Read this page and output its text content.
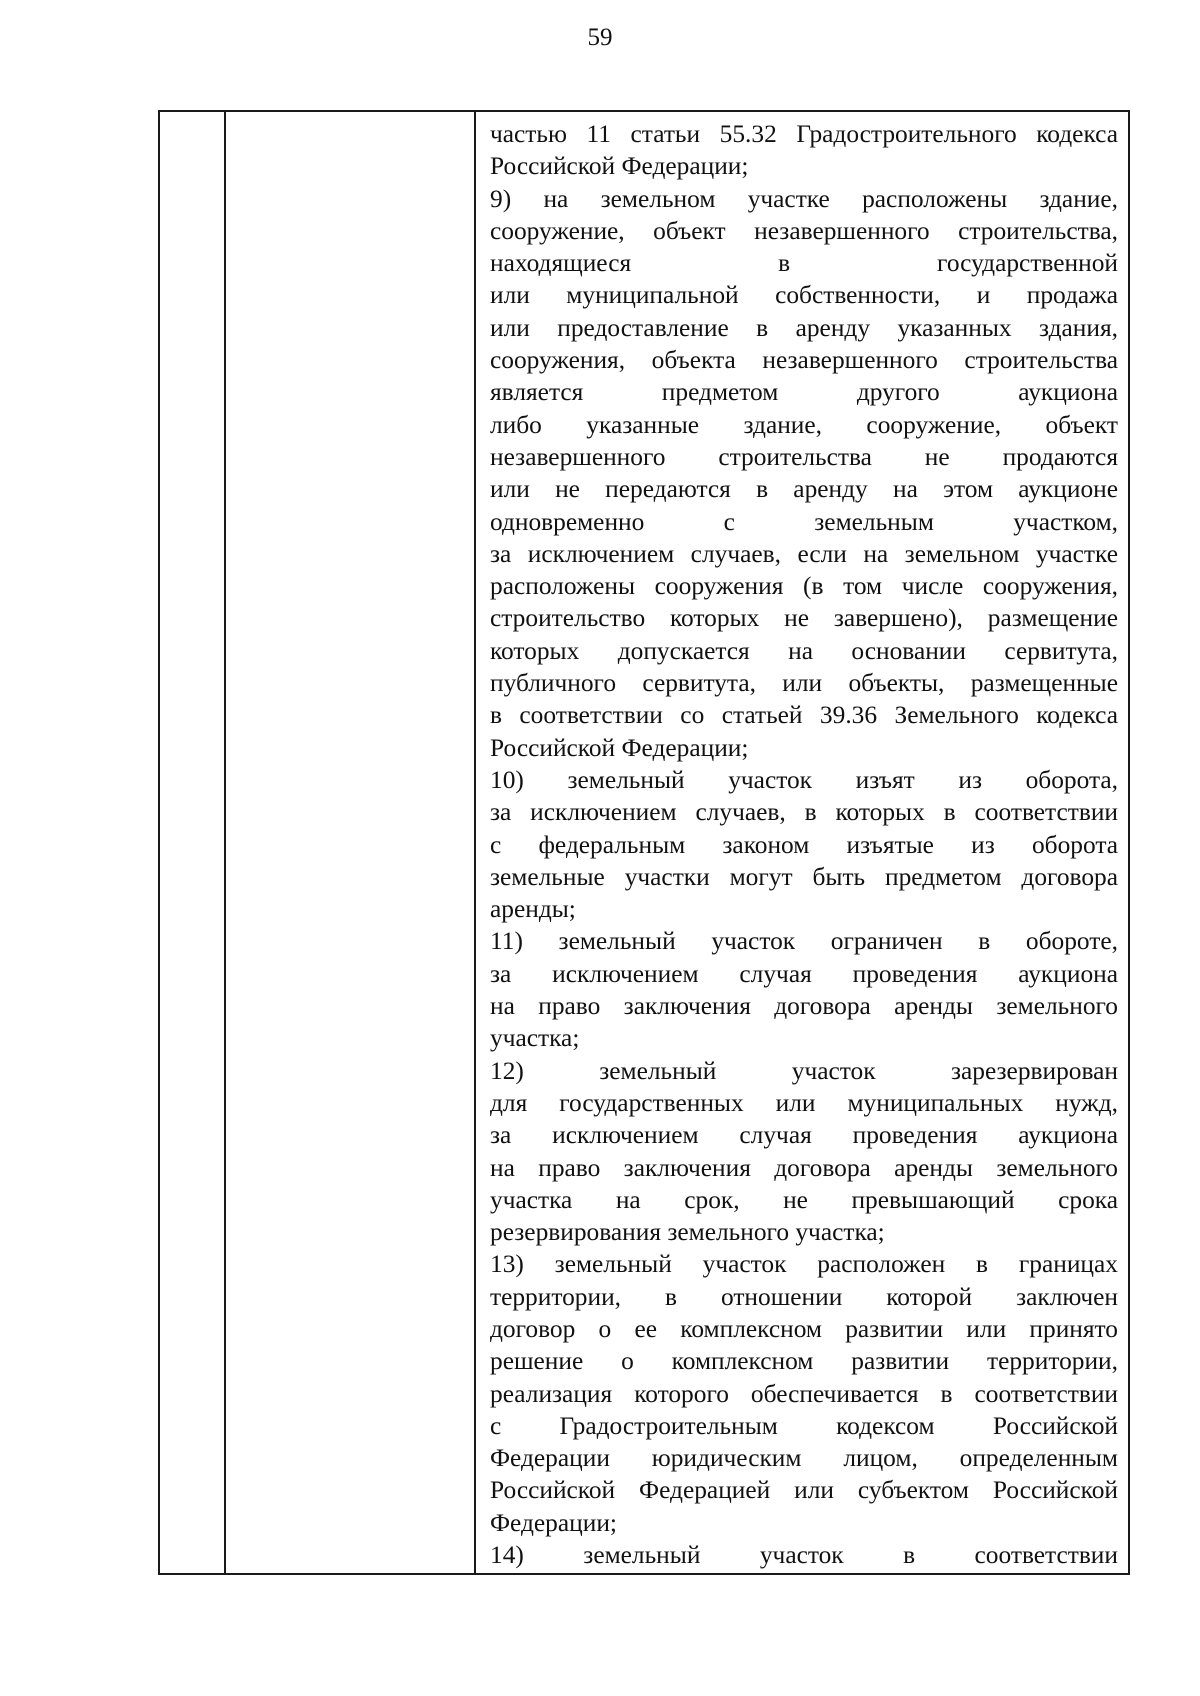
59

частью 11 статьи 55.32 Градостроительного кодекса
Российской Федерации;

9) на земельном участке расположены здание,
сооружение, объект незавершенного строительства,
находящиеся в государственной
или муниципальной собственности, и продажа
или предоставление в аренду указанных здания,
сооружения, объекта незавершенного строительства
является предметом другого аукциона
либо указанные здание, сооружение, объект
незавершенного строительства не продаются
или не передаются в аренду на этом аукционе
одновременно с земельным участком,
за исключением случаев, если на земельном участке
расположены сооружения (в том числе сооружения,
строительство которых не завершено), размещение
которых допускается на основании сервитута,
публичного сервитута, или объекты, размещенные
в соответствии со статьей 39.36 Земельного кодекса
Российской Федерации;

10) земельный участок изъят из оборота,
за исключением случаев, в которых в соответствии
с федеральным законом изъятые из оборота
земельные участки могут быть предметом договора
аренды;

11) земельный участок ограничен в обороте,
за исключением случая проведения аукциона
на право заключения договора аренды земельного
участка;

12) земельный участок зарезервирован
для государственных или муниципальных нужд,
за исключением случая проведения аукциона
на право заключения договора аренды земельного
участка на срок, не превышающий срока
резервирования земельного участка;

13) земельный участок расположен в границах
территории, в отношении которой заключен
договор о ее комплексном развитии или принято
решение о комплексном развитии территории,
реализация которого обеспечивается в соответствии
с Градостроительным кодексом Российской
Федерации юридическим лицом, определенным
Российской Федерацией или субъектом Российской
Федерации;

14) земельный участок в соответствии
